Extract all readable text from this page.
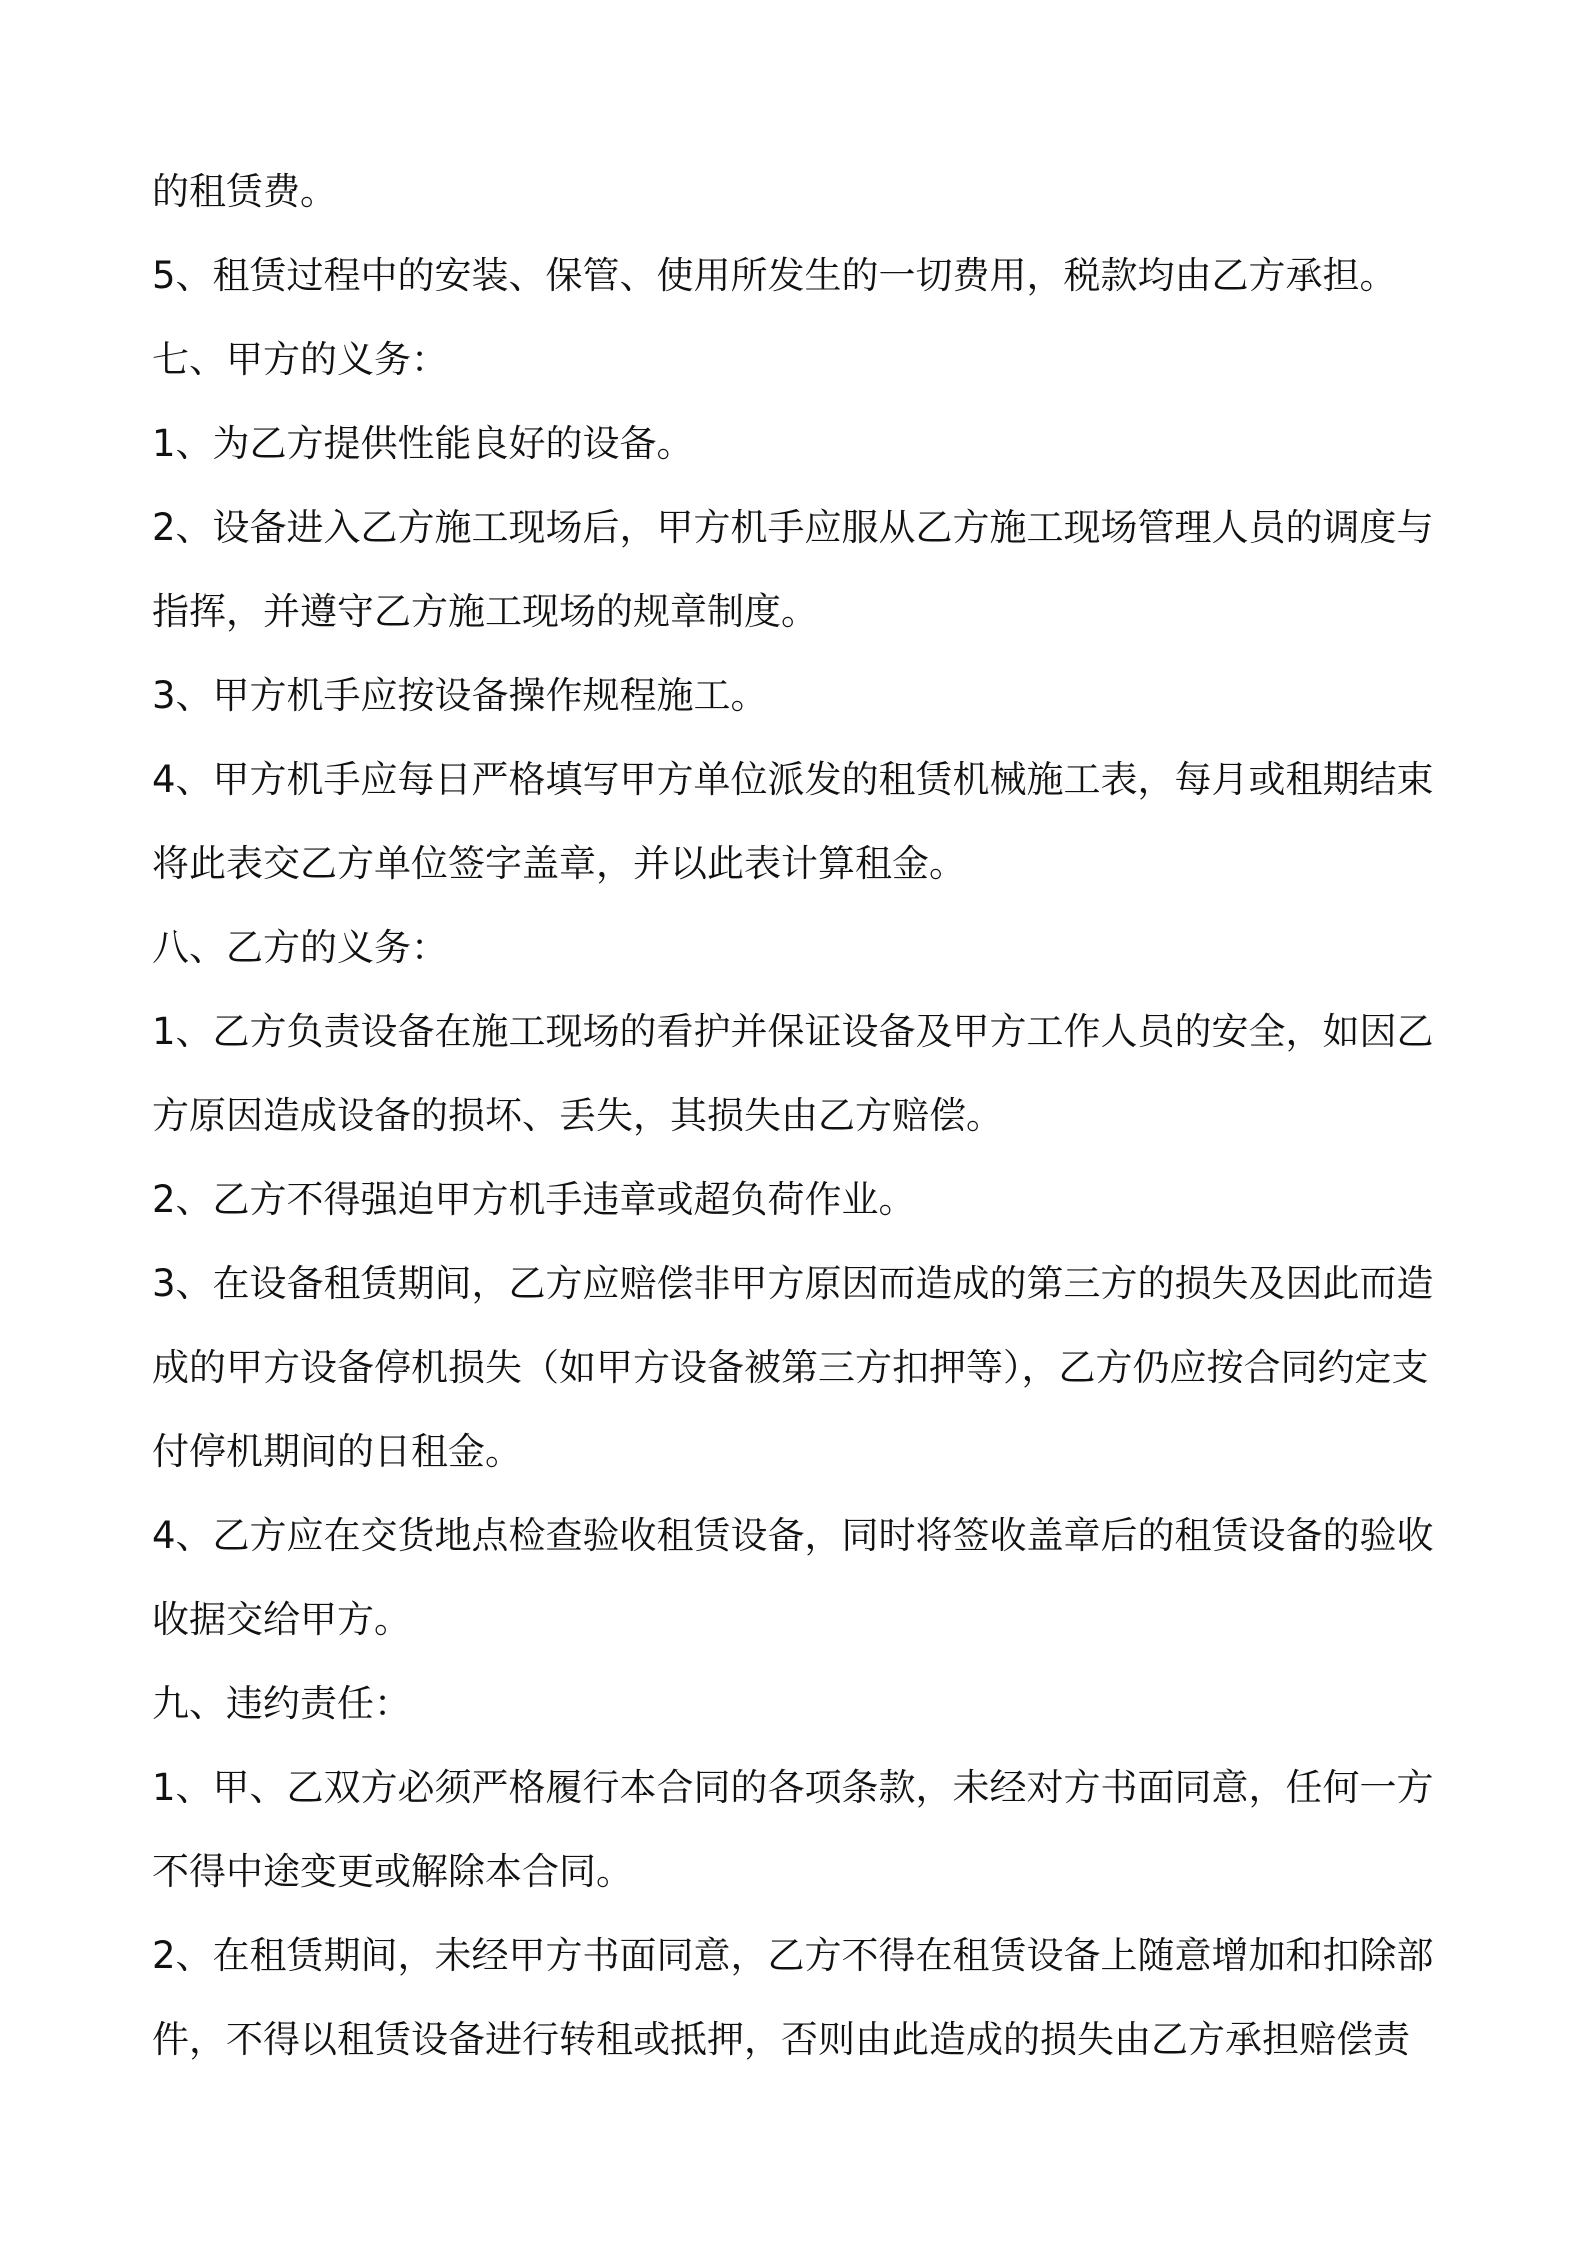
的租赁费。

5、租赁过程中的安装、保管、使用所发生的一切费用，税款均由乙方承担。

七、甲方的义务：

1、为乙方提供性能良好的设备。

2、设备进入乙方施工现场后，甲方机手应服从乙方施工现场管理人员的调度与

指挥，并遵守乙方施工现场的规章制度。

3、甲方机手应按设备操作规程施工。

4、甲方机手应每日严格填写甲方单位派发的租赁机械施工表，每月或租期结束

将此表交乙方单位签字盖章，并以此表计算租金。

八、乙方的义务：

1、乙方负责设备在施工现场的看护并保证设备及甲方工作人员的安全，如因乙

方原因造成设备的损坏、丢失，其损失由乙方赔偿。

2、乙方不得强迫甲方机手违章或超负荷作业。

3、在设备租赁期间，乙方应赔偿非甲方原因而造成的第三方的损失及因此而造

成的甲方设备停机损失（如甲方设备被第三方扣押等），乙方仍应按合同约定支

付停机期间的日租金。

4、乙方应在交货地点检查验收租赁设备，同时将签收盖章后的租赁设备的验收

收据交给甲方。

九、违约责任：

1、甲、乙双方必须严格履行本合同的各项条款，未经对方书面同意，任何一方

不得中途变更或解除本合同。

2、在租赁期间，未经甲方书面同意，乙方不得在租赁设备上随意增加和扣除部

件，不得以租赁设备进行转租或抵押，否则由此造成的损失由乙方承担赔偿责
